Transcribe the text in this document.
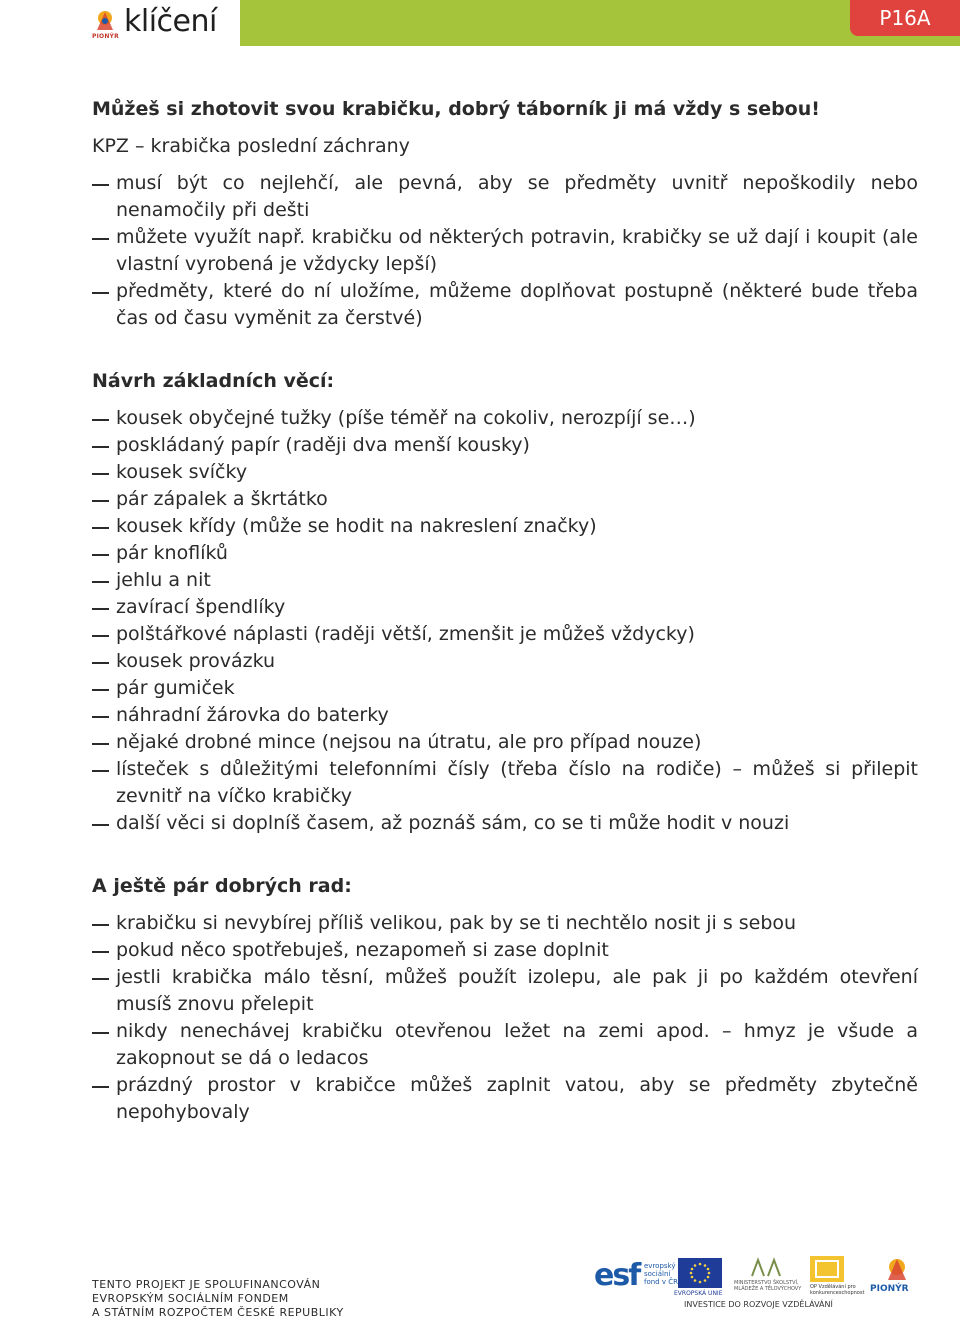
PIONÝR klíčení	P16A

Můžeš si zhotovit svou krabičku, dobrý táborník ji má vždy s sebou!

KPZ – krabička poslední záchrany

musí být co nejlehčí, ale pevná, aby se předměty uvnitř nepoškodily nebo nenamočily při dešti
můžete využít např. krabičku od některých potravin, krabičky se už dají i koupit (ale vlastní vyrobená je vždycky lepší)
předměty, které do ní uložíme, můžeme doplňovat postupně (některé bude třeba čas od času vyměnit za čerstvé)

Návrh základních věcí:

kousek obyčejné tužky (píše téměř na cokoliv, nerozpíjí se…)
poskládaný papír (raději dva menší kousky)
kousek svíčky
pár zápalek a škrtátko
kousek křídy (může se hodit na nakreslení značky)
pár knoflíků
jehlu a nit
zavírací špendlíky
polštářkové náplasti (raději větší, zmenšit je můžeš vždycky)
kousek provázku
pár gumiček
náhradní žárovka do baterky
nějaké drobné mince (nejsou na útratu, ale pro případ nouze)
lísteček s důležitými telefonními čísly (třeba číslo na rodiče) – můžeš si přilepit zevnitř na víčko krabičky
další věci si doplníš časem, až poznáš sám, co se ti může hodit v nouzi

A ještě pár dobrých rad:

krabičku si nevybírej příliš velikou, pak by se ti nechtělo nosit ji s sebou
pokud něco spotřebuješ, nezapomeň si zase doplnit
jestli krabička málo těsní, můžeš použít izolepu, ale pak ji po každém otevření musíš znovu přelepit
nikdy nenechávej krabičku otevřenou ležet na zemi apod. – hmyz je všude a zakopnout se dá o ledacos
prázdný prostor v krabičce můžeš zaplnit vatou, aby se předměty zbytečně nepohybovaly
TENTO PROJEKT JE SPOLUFINANCOVÁN
EVROPSKÝM SOCIÁLNÍM FONDEM
A STÁTNÍM ROZPOČTEM ČESKÉ REPUBLIKY
esf evropský sociální fond v ČR
EVROPSKÁ UNIE
MINISTERSTVO ŠKOLSTVÍ, MLÁDEŽE A TĚLOVÝCHOVY	OP Vzdělávání pro konkurenceschopnost PIONÝR
INVESTICE DO ROZVOJE VZDĚLÁVÁNÍ
